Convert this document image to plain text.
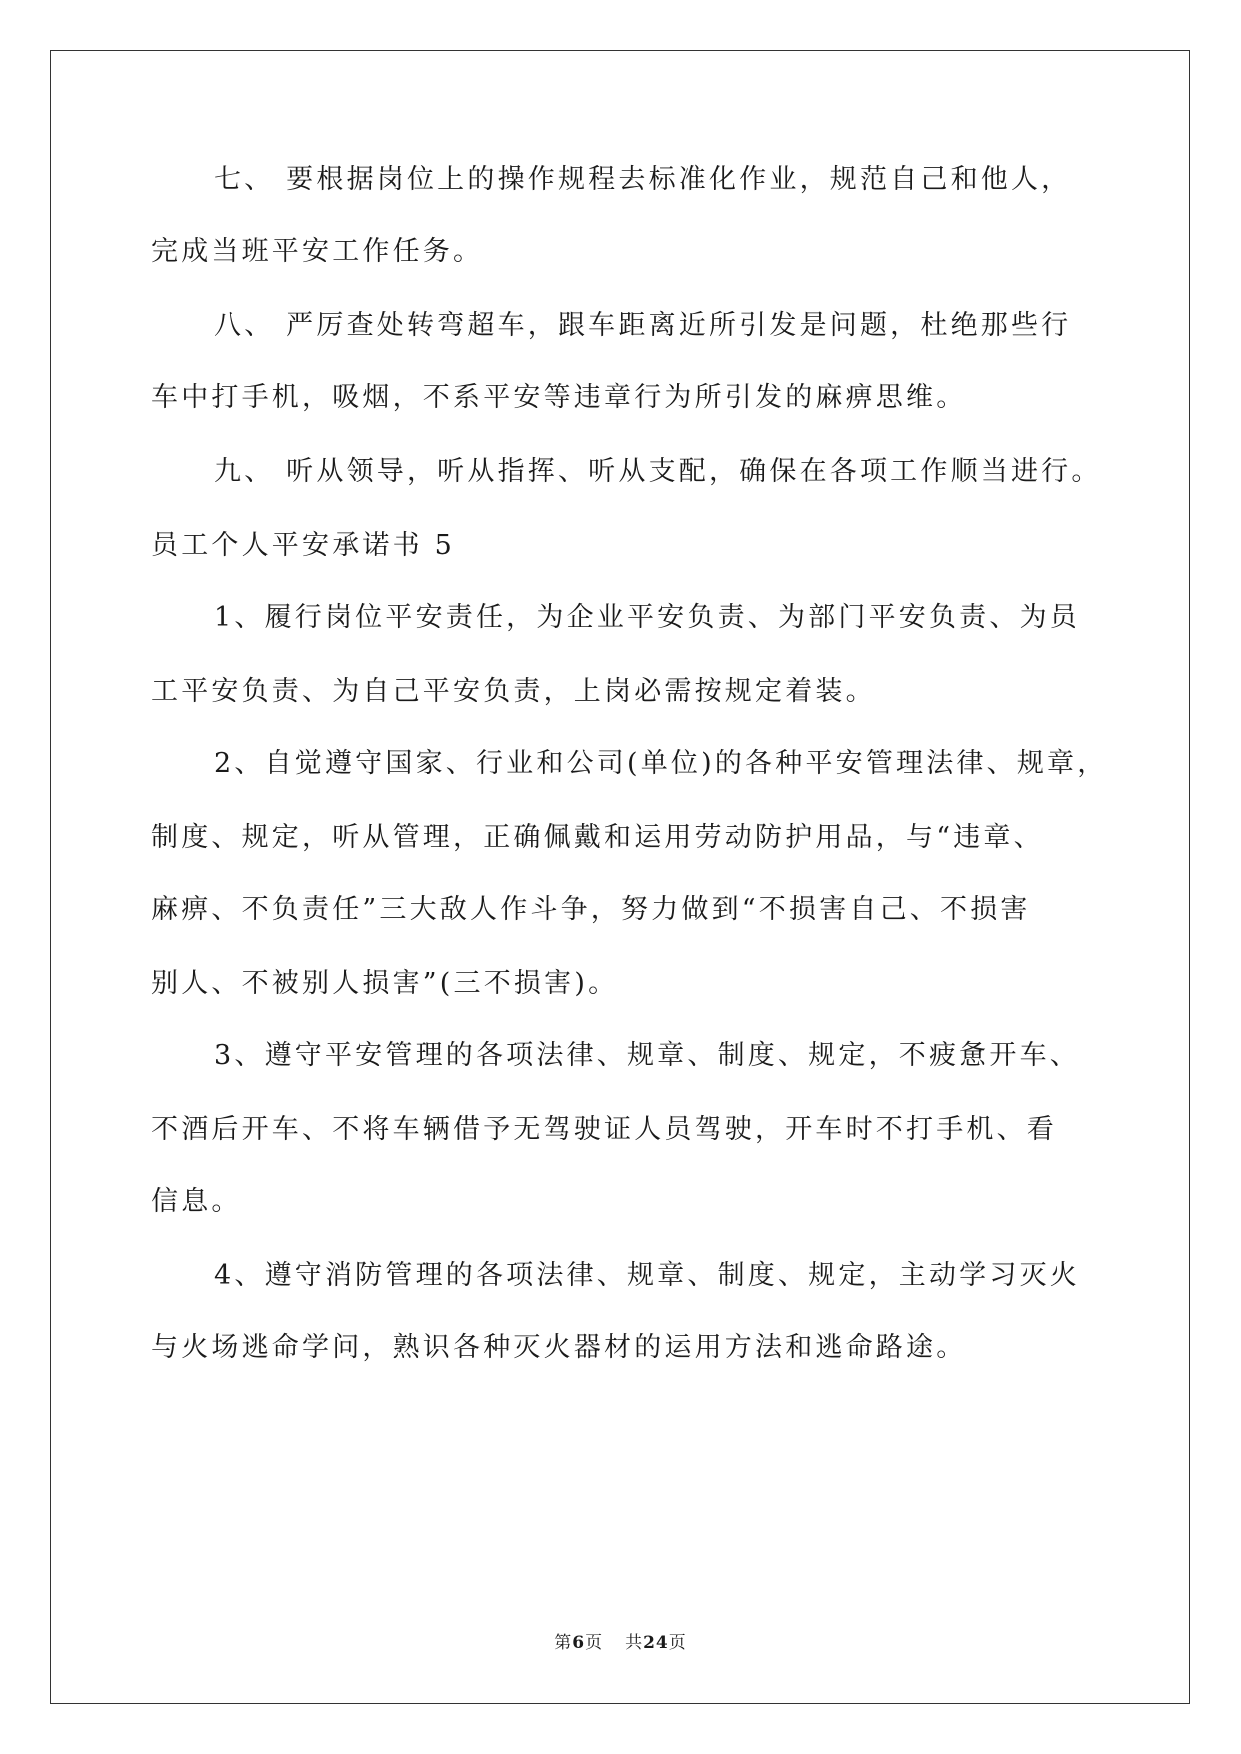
七、 要根据岗位上的操作规程去标准化作业，规范自己和他人，
完成当班平安工作任务。
八、 严厉查处转弯超车，跟车距离近所引发是问题，杜绝那些行
车中打手机，吸烟，不系平安等违章行为所引发的麻痹思维。
九、 听从领导，听从指挥、听从支配，确保在各项工作顺当进行。
员工个人平安承诺书 5
1、履行岗位平安责任，为企业平安负责、为部门平安负责、为员
工平安负责、为自己平安负责，上岗必需按规定着装。
2、自觉遵守国家、行业和公司(单位)的各种平安管理法律、规章，
制度、规定，听从管理，正确佩戴和运用劳动防护用品，与“违章、
麻痹、不负责任”三大敌人作斗争，努力做到“不损害自己、不损害
别人、不被别人损害”(三不损害)。
3、遵守平安管理的各项法律、规章、制度、规定，不疲惫开车、
不酒后开车、不将车辆借予无驾驶证人员驾驶，开车时不打手机、看
信息。
4、遵守消防管理的各项法律、规章、制度、规定，主动学习灭火
与火场逃命学问，熟识各种灭火器材的运用方法和逃命路途。
第6页 共24页
